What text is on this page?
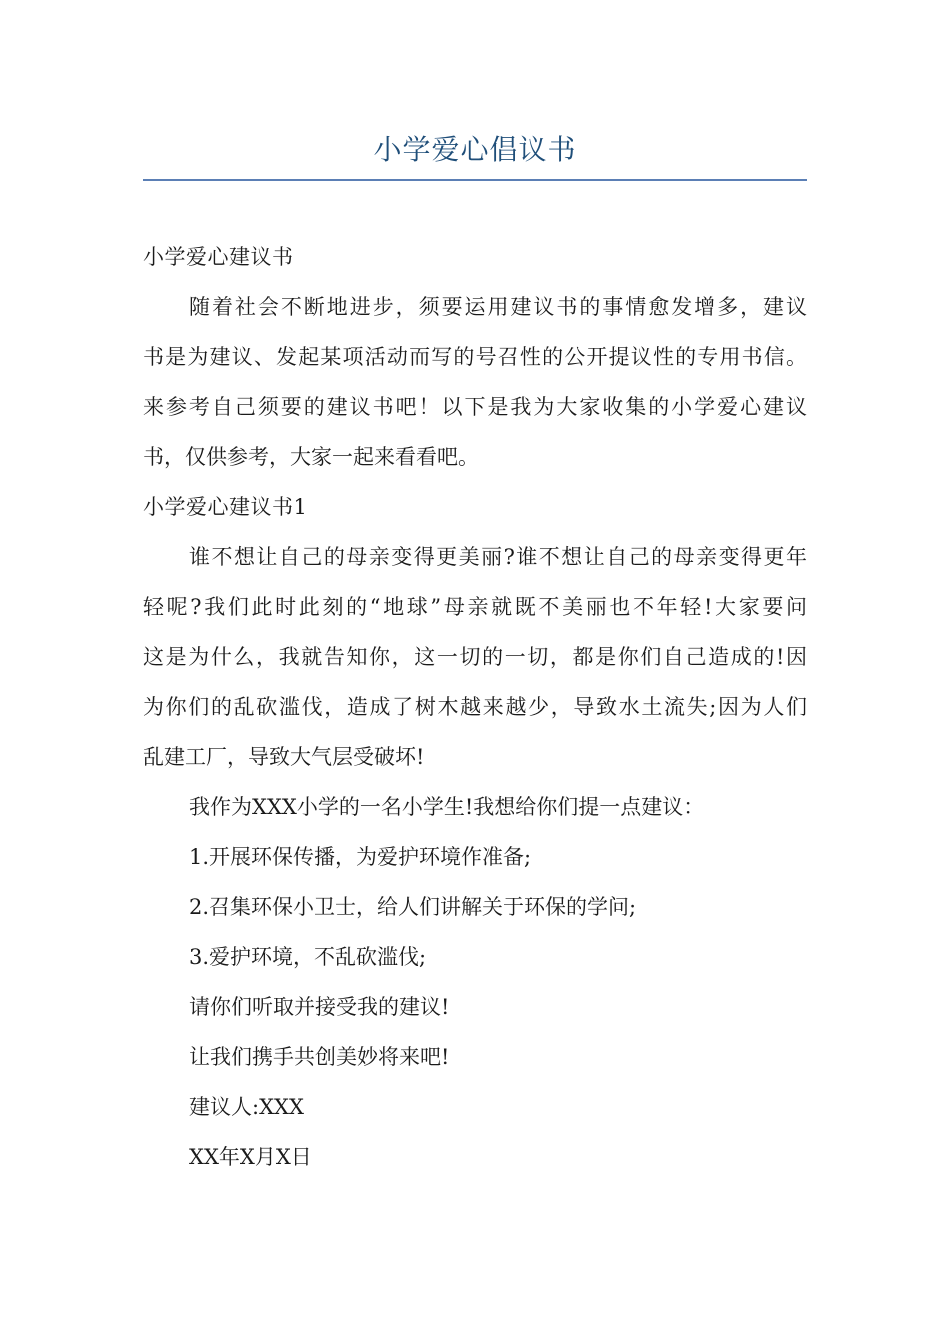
小学爱心倡议书
小学爱心建议书
随着社会不断地进步，须要运用建议书的事情愈发增多，建议
书是为建议、发起某项活动而写的号召性的公开提议性的专用书信。
来参考自己须要的建议书吧！以下是我为大家收集的小学爱心建议
书，仅供参考，大家一起来看看吧。
小学爱心建议书1
谁不想让自己的母亲变得更美丽?谁不想让自己的母亲变得更年
轻呢?我们此时此刻的“地球”母亲就既不美丽也不年轻!大家要问
这是为什么，我就告知你，这一切的一切，都是你们自己造成的!因
为你们的乱砍滥伐，造成了树木越来越少，导致水土流失;因为人们
乱建工厂，导致大气层受破坏!
我作为XXX小学的一名小学生!我想给你们提一点建议：
1.开展环保传播，为爱护环境作准备;
2.召集环保小卫士，给人们讲解关于环保的学问;
3.爱护环境，不乱砍滥伐;
请你们听取并接受我的建议!
让我们携手共创美妙将来吧!
建议人:XXX
XX年X月X日
